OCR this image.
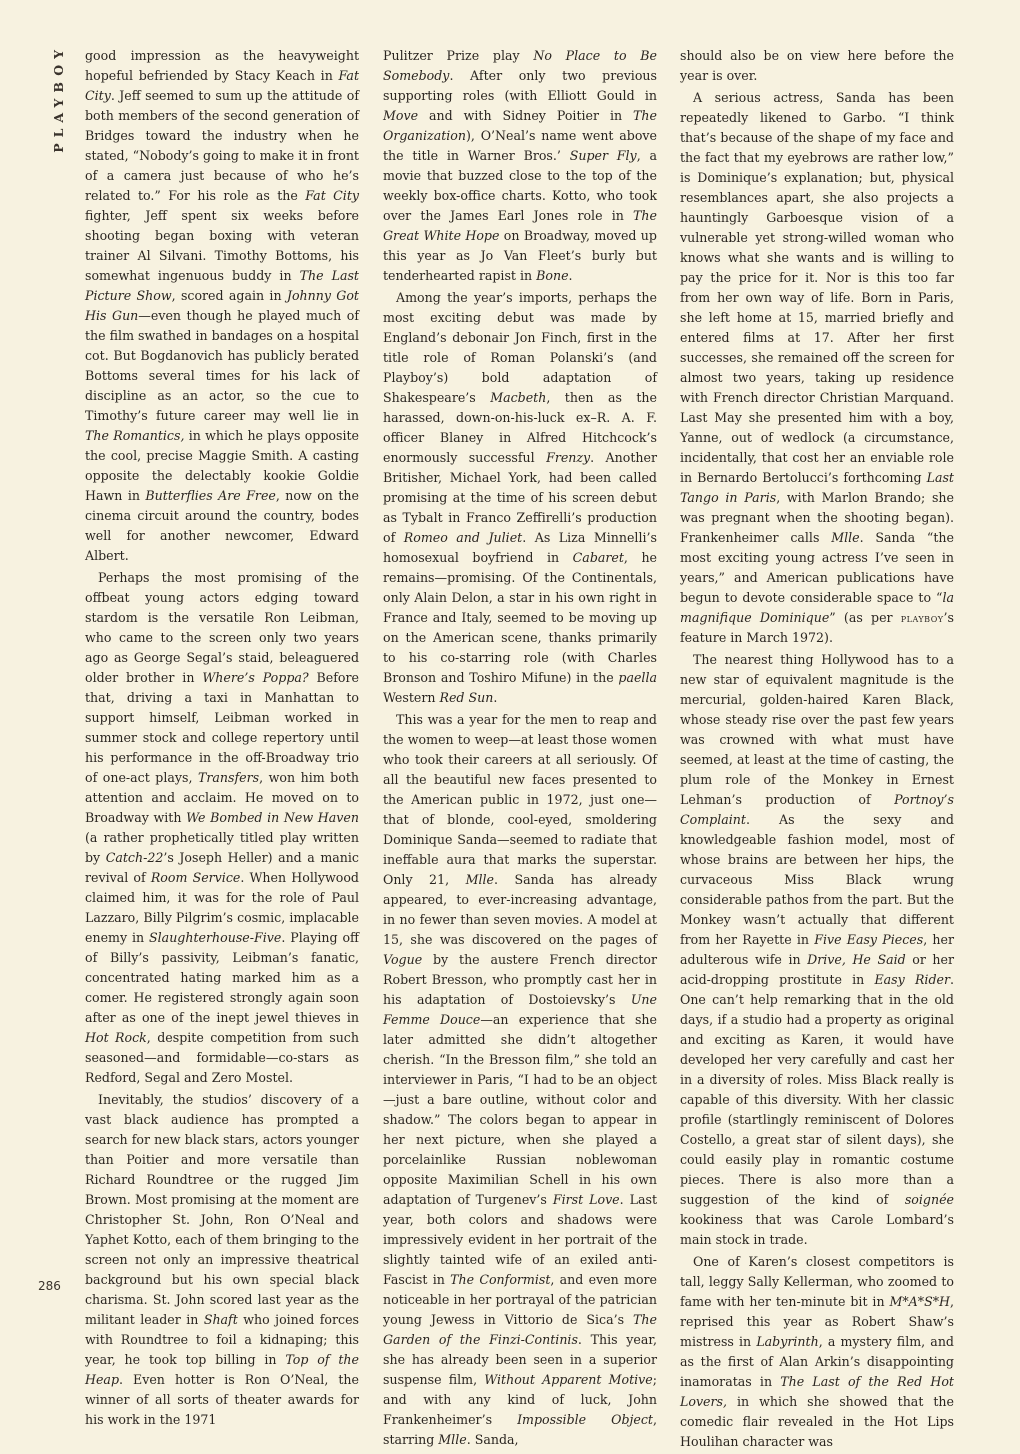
PLAYBOY good impression as the heavyweight hopeful befriended by Stacy Keach in Fat City. Jeff seemed to sum up the attitude of both members of the second generation of Bridges toward the industry when he stated, “Nobody’s going to make it in front of a camera just because of who he’s related to.” For his role as the Fat City fighter, Jeff spent six weeks before shooting began boxing with veteran trainer Al Silvani. Timothy Bottoms, his somewhat ingenuous buddy in The Last Picture Show, scored again in Johnny Got His Gun—even though he played much of the film swathed in bandages on a hospital cot. But Bogdanovich has publicly berated Bottoms several times for his lack of discipline as an actor, so the cue to Timothy’s future career may well lie in The Romantics, in which he plays opposite the cool, precise Maggie Smith. A casting opposite the delectably kookie Goldie Hawn in Butterflies Are Free, now on the cinema circuit around the country, bodes well for another newcomer, Edward Albert.

Perhaps the most promising of the offbeat young actors edging toward stardom is the versatile Ron Leibman, who came to the screen only two years ago as George Segal’s staid, beleaguered older brother in Where’s Poppa? Before that, driving a taxi in Manhattan to support himself, Leibman worked in summer stock and college repertory until his performance in the off-Broadway trio of one-act plays, Transfers, won him both attention and acclaim. He moved on to Broadway with We Bombed in New Haven (a rather prophetically titled play written by Catch-22’s Joseph Heller) and a manic revival of Room Service. When Hollywood claimed him, it was for the role of Paul Lazzaro, Billy Pilgrim’s cosmic, implacable enemy in Slaughterhouse-Five. Playing off of Billy’s passivity, Leibman’s fanatic, concentrated hating marked him as a comer. He registered strongly again soon after as one of the inept jewel thieves in Hot Rock, despite competition from such seasoned—and formidable—co-stars as Redford, Segal and Zero Mostel.

Inevitably, the studios’ discovery of a vast black audience has prompted a search for new black stars, actors younger than Poitier and more versatile than Richard Roundtree or the rugged Jim Brown. Most promising at the moment are Christopher St. John, Ron O’Neal and Yaphet Kotto, each of them bringing to the screen not only an impressive theatrical background but his own special black charisma. St. John scored last year as the militant leader in Shaft who joined forces with Roundtree to foil a kidnaping; this year, he took top billing in Top of the Heap. Even hotter is Ron O’Neal, the winner of all sorts of theater awards for his work in the 1971

Pulitzer Prize play No Place to Be Somebody. After only two previous supporting roles (with Elliott Gould in Move and with Sidney Poitier in The Organization), O’Neal’s name went above the title in Warner Bros.’ Super Fly, a movie that buzzed close to the top of the weekly box-office charts. Kotto, who took over the James Earl Jones role in The Great White Hope on Broadway, moved up this year as Jo Van Fleet’s burly but tenderhearted rapist in Bone.

Among the year’s imports, perhaps the most exciting debut was made by England’s debonair Jon Finch, first in the title role of Roman Polanski’s (and Playboy’s) bold adaptation of Shakespeare’s Macbeth, then as the harassed, down-on-his-luck ex–R. A. F. officer Blaney in Alfred Hitchcock’s enormously successful Frenzy. Another Britisher, Michael York, had been called promising at the time of his screen debut as Tybalt in Franco Zeffirelli’s production of Romeo and Juliet. As Liza Minnelli’s homosexual boyfriend in Cabaret, he remains—promising. Of the Continentals, only Alain Delon, a star in his own right in France and Italy, seemed to be moving up on the American scene, thanks primarily to his co-starring role (with Charles Bronson and Toshiro Mifune) in the paella Western Red Sun.

This was a year for the men to reap and the women to weep—at least those women who took their careers at all seriously. Of all the beautiful new faces presented to the American public in 1972, just one—that of blonde, cool-eyed, smoldering Dominique Sanda—seemed to radiate that ineffable aura that marks the superstar. Only 21, Mlle. Sanda has already appeared, to ever-increasing advantage, in no fewer than seven movies. A model at 15, she was discovered on the pages of Vogue by the austere French director Robert Bresson, who promptly cast her in his adaptation of Dostoievsky’s Une Femme Douce—an experience that she later admitted she didn’t altogether cherish. “In the Bresson film,” she told an interviewer in Paris, “I had to be an object—just a bare outline, without color and shadow.” The colors began to appear in her next picture, when she played a porcelainlike Russian noblewoman opposite Maximilian Schell in his own adaptation of Turgenev’s First Love. Last year, both colors and shadows were impressively evident in her portrait of the slightly tainted wife of an exiled anti-Fascist in The Conformist, and even more noticeable in her portrayal of the patrician young Jewess in Vittorio de Sica’s The Garden of the Finzi-Continis. This year, she has already been seen in a superior suspense film, Without Apparent Motive; and with any kind of luck, John Frankenheimer’s Impossible Object, starring Mlle. Sanda,

should also be on view here before the year is over.

A serious actress, Sanda has been repeatedly likened to Garbo. “I think that’s because of the shape of my face and the fact that my eyebrows are rather low,” is Dominique’s explanation; but, physical resemblances apart, she also projects a hauntingly Garboesque vision of a vulnerable yet strong-willed woman who knows what she wants and is willing to pay the price for it. Nor is this too far from her own way of life. Born in Paris, she left home at 15, married briefly and entered films at 17. After her first successes, she remained off the screen for almost two years, taking up residence with French director Christian Marquand. Last May she presented him with a boy, Yanne, out of wedlock (a circumstance, incidentally, that cost her an enviable role in Bernardo Bertolucci’s forthcoming Last Tango in Paris, with Marlon Brando; she was pregnant when the shooting began). Frankenheimer calls Mlle. Sanda “the most exciting young actress I’ve seen in years,” and American publications have begun to devote considerable space to “la magnifique Dominique” (as per playboy’s feature in March 1972).

The nearest thing Hollywood has to a new star of equivalent magnitude is the mercurial, golden-haired Karen Black, whose steady rise over the past few years was crowned with what must have seemed, at least at the time of casting, the plum role of the Monkey in Ernest Lehman’s production of Portnoy’s Complaint. As the sexy and knowledgeable fashion model, most of whose brains are between her hips, the curvaceous Miss Black wrung considerable pathos from the part. But the Monkey wasn’t actually that different from her Rayette in Five Easy Pieces, her adulterous wife in Drive, He Said or her acid-dropping prostitute in Easy Rider. One can’t help remarking that in the old days, if a studio had a property as original and exciting as Karen, it would have developed her very carefully and cast her in a diversity of roles. Miss Black really is capable of this diversity. With her classic profile (startlingly reminiscent of Dolores Costello, a great star of silent days), she could easily play in romantic costume pieces. There is also more than a suggestion of the kind of soignée kookiness that was Carole Lombard’s main stock in trade.

One of Karen’s closest competitors is tall, leggy Sally Kellerman, who zoomed to fame with her ten-minute bit in M*A*S*H, reprised this year as Robert Shaw’s mistress in Labyrinth, a mystery film, and as the first of Alan Arkin’s disappointing inamoratas in The Last of the Red Hot Lovers, in which she showed that the comedic flair revealed in the Hot Lips Houlihan character was

286
